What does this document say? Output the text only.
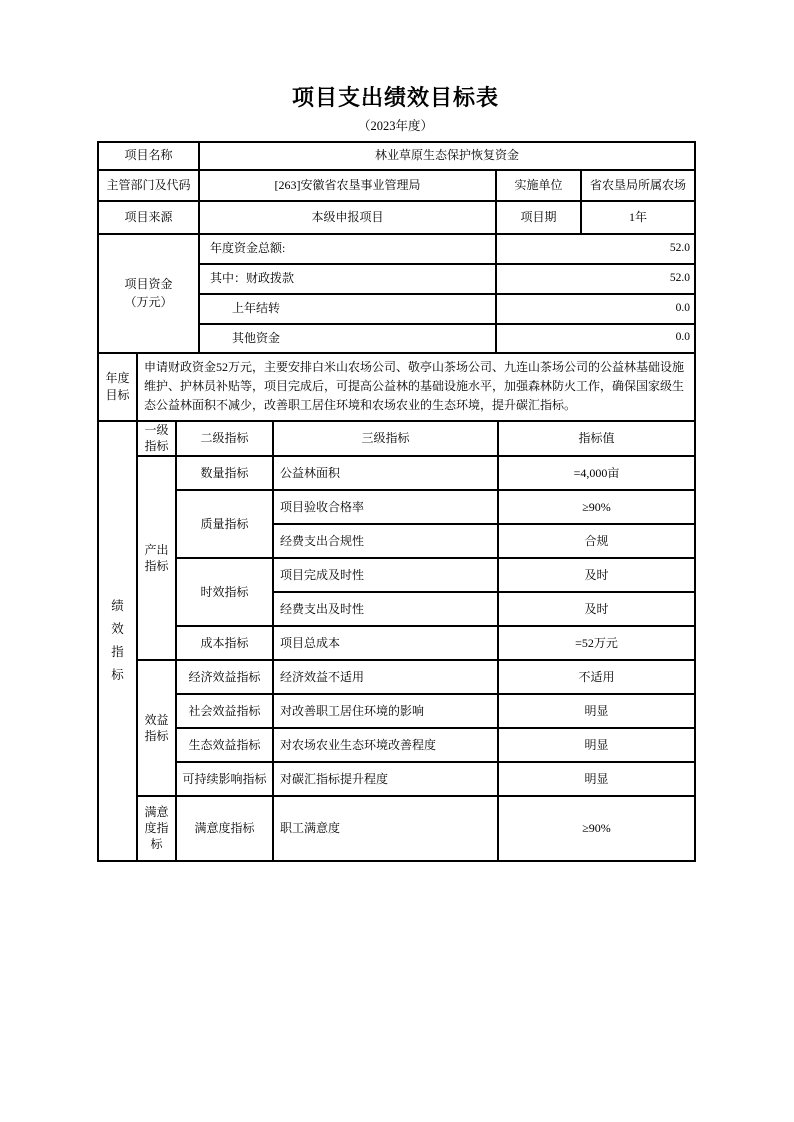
项目支出绩效目标表
（2023年度）
项目名称	林业草原生态保护恢复资金		
主管部门及代码	[263]安徽省农垦事业管理局	实施单位	省农垦局所属农场
项目来源	本级申报项目	项目期	1年

项目资金
（万元）	年度资金总额:	52.0	
	其中：财政拨款	52.0	
	上年结转	0.0	
	其他资金	0.0	
年度目标	申请财政资金52万元，主要安排白米山农场公司、敬亭山茶场公司、九连山茶场公司的公益林基础设施维护、护林员补贴等，项目完成后，可提高公益林的基础设施水平，加强森林防火工作，确保国家级生态公益林面积不减少，改善职工居住环境和农场农业的生态环境，提升碳汇指标。
绩效指标	一级指标	二级指标	三级指标	指标值
	产出指标	数量指标	公益林面积	=4,000亩
		质量指标	项目验收合格率	≥90%
			经费支出合规性	合规
		时效指标	项目完成及时性	及时
			经费支出及时性	及时
		成本指标	项目总成本	=52万元
	效益指标	经济效益指标	经济效益不适用	不适用
		社会效益指标	对改善职工居住环境的影响	明显
		生态效益指标	对农场农业生态环境改善程度	明显
		可持续影响指标	对碳汇指标提升程度	明显
	满意度指标	满意度指标	职工满意度	≥90%
